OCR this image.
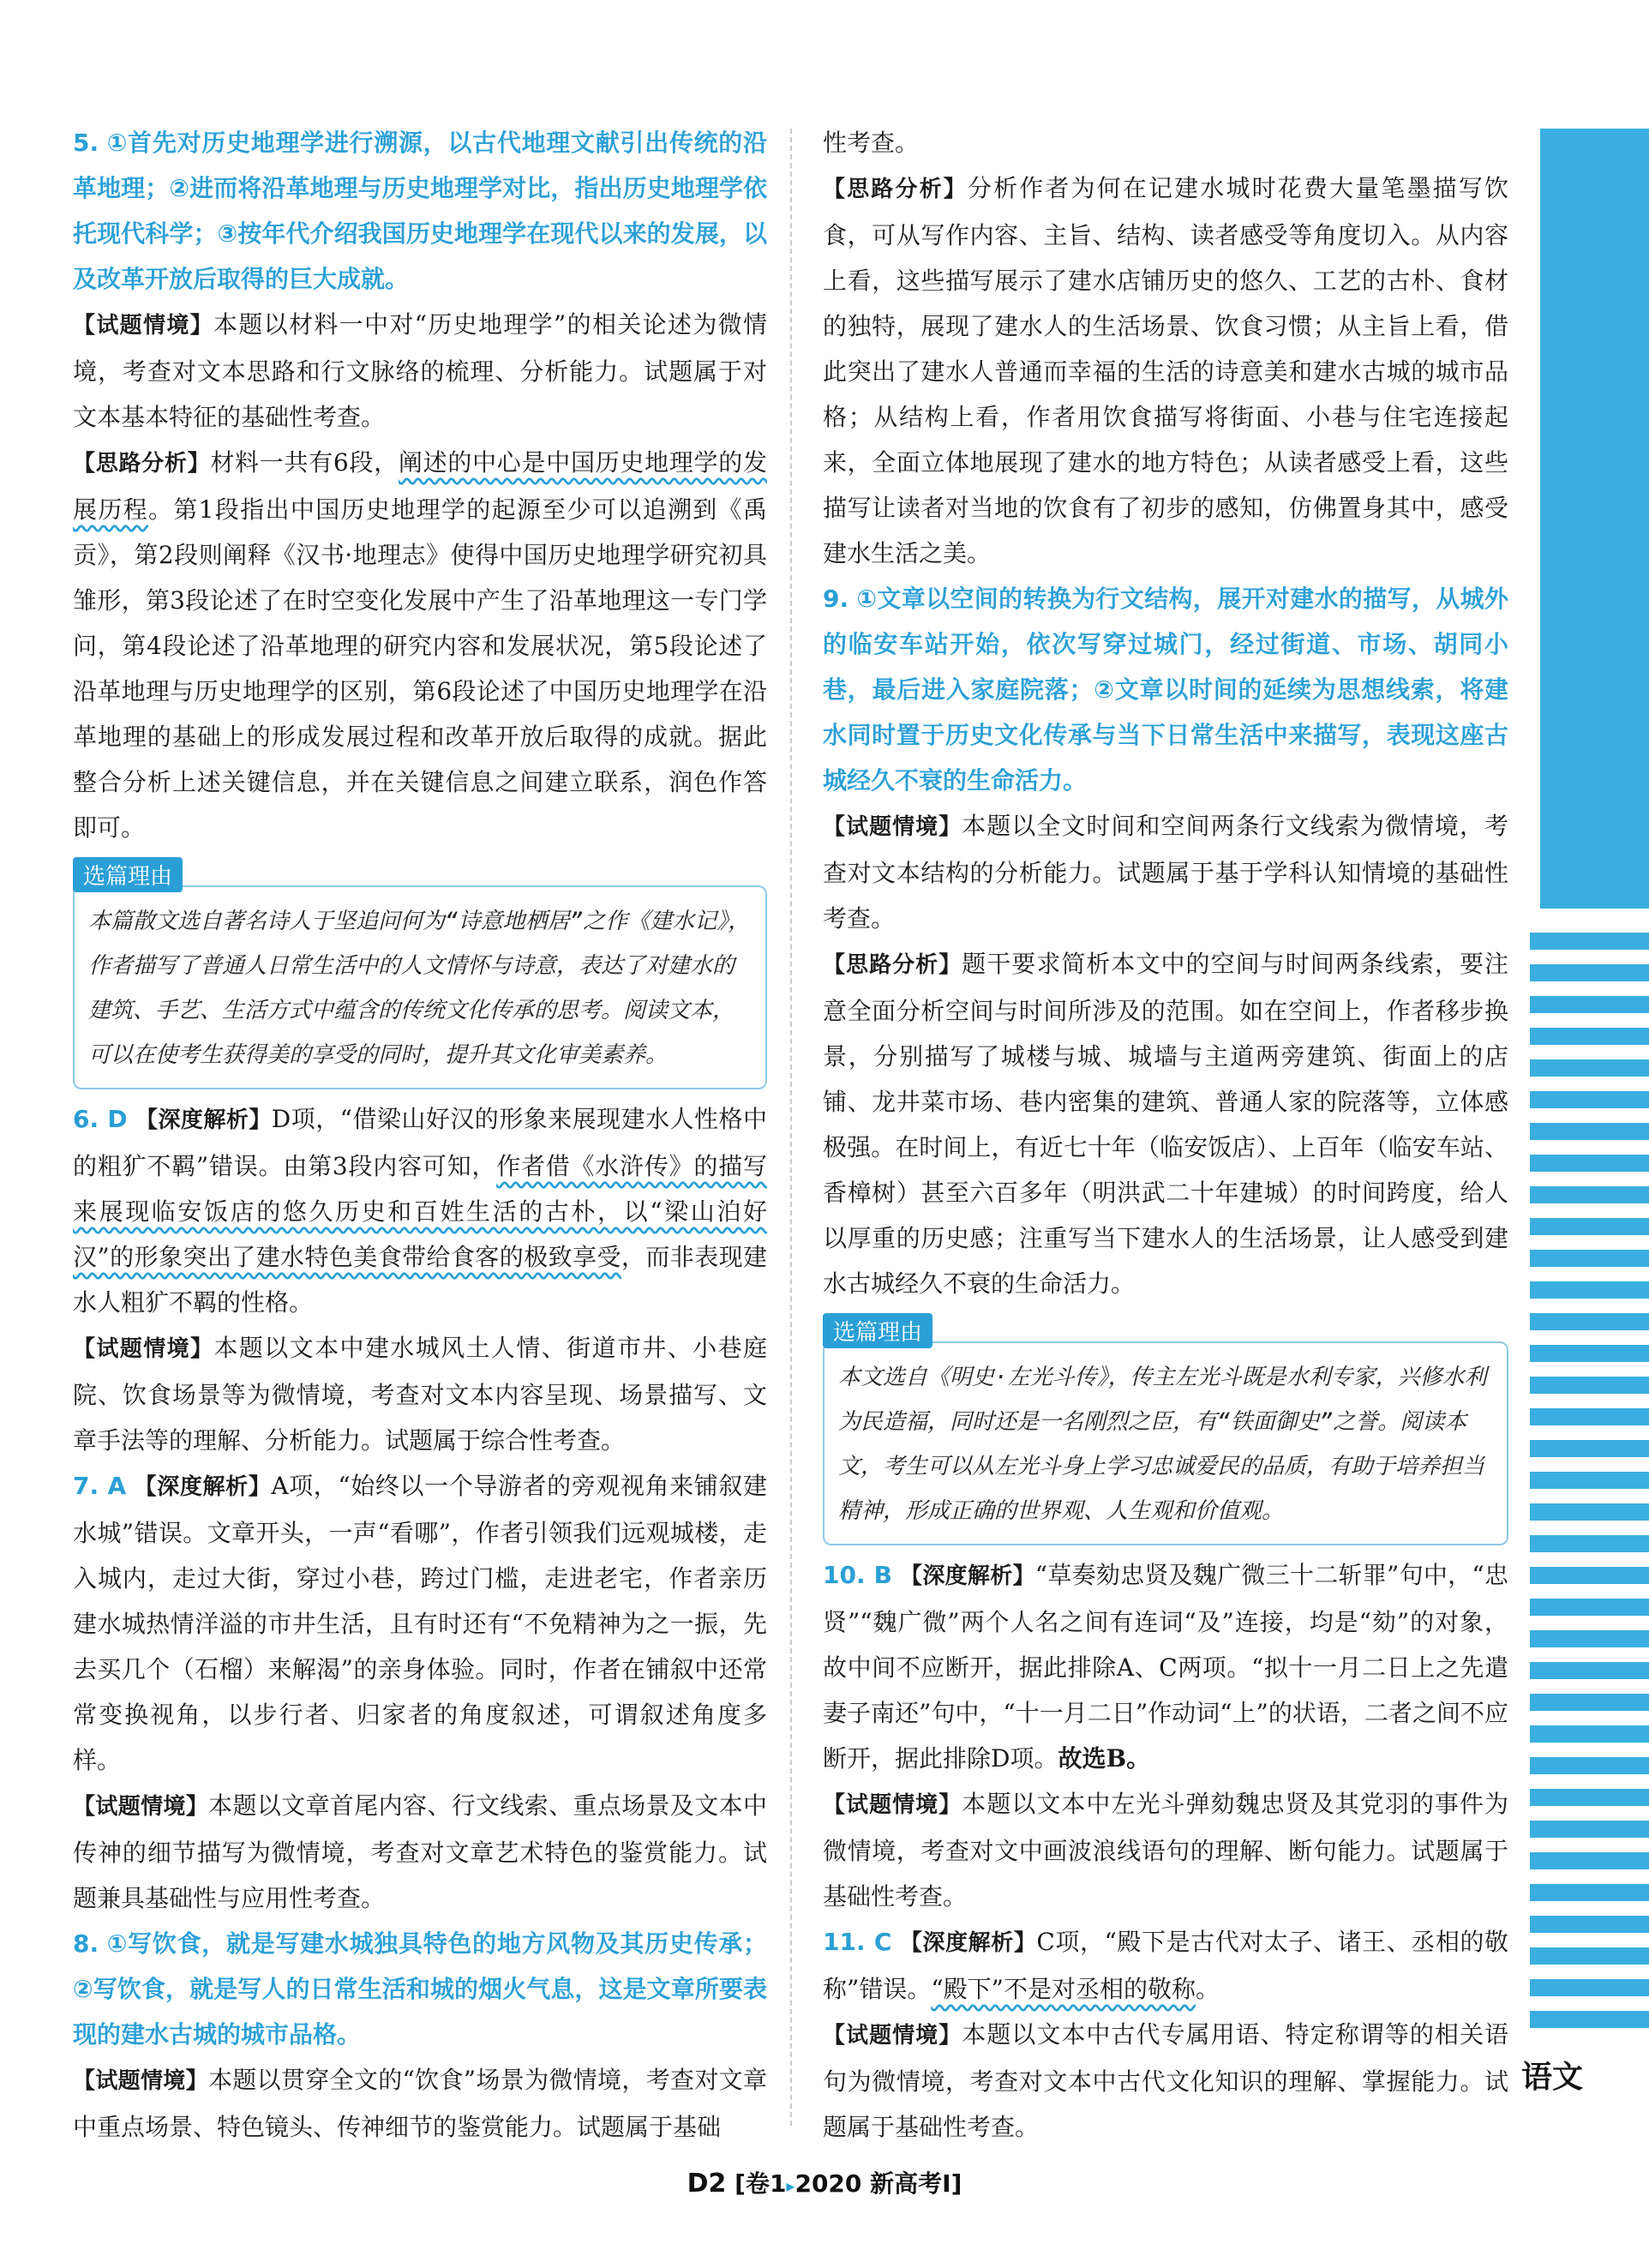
5. ①首先对历史地理学进行溯源，以古代地理文献引出传统的沿革地理；②进而将沿革地理与历史地理学对比，指出历史地理学依托现代科学；③按年代介绍我国历史地理学在现代以来的发展，以及改革开放后取得的巨大成就。

【试题情境】本题以材料一中对“历史地理学”的相关论述为微情境，考查对文本思路和行文脉络的梳理、分析能力。试题属于对文本基本特征的基础性考查。

【思路分析】材料一共有6段，阐述的中心是中国历史地理学的发展历程。第1段指出中国历史地理学的起源至少可以追溯到《禹贡》，第2段则阐释《汉书·地理志》使得中国历史地理学研究初具雏形，第3段论述了在时空变化发展中产生了沿革地理这一专门学问，第4段论述了沿革地理的研究内容和发展状况，第5段论述了沿革地理与历史地理学的区别，第6段论述了中国历史地理学在沿革地理的基础上的形成发展过程和改革开放后取得的成就。据此整合分析上述关键信息，并在关键信息之间建立联系，润色作答即可。

选篇理由
本篇散文选自著名诗人于坚追问何为“诗意地栖居”之作《建水记》，作者描写了普通人日常生活中的人文情怀与诗意，表达了对建水的建筑、手艺、生活方式中蕴含的传统文化传承的思考。阅读文本，可以在使考生获得美的享受的同时，提升其文化审美素养。

6. D 【深度解析】D项，“借梁山好汉的形象来展现建水人性格中的粗犷不羁”错误。由第3段内容可知，作者借《水浒传》的描写来展现临安饭店的悠久历史和百姓生活的古朴，以“梁山泊好汉”的形象突出了建水特色美食带给食客的极致享受，而非表现建水人粗犷不羁的性格。

【试题情境】本题以文本中建水城风土人情、街道市井、小巷庭院、饮食场景等为微情境，考查对文本内容呈现、场景描写、文章手法等的理解、分析能力。试题属于综合性考查。

7. A 【深度解析】A项，“始终以一个导游者的旁观视角来铺叙建水城”错误。文章开头，一声“看哪”，作者引领我们远观城楼，走入城内，走过大街，穿过小巷，跨过门槛，走进老宅，作者亲历建水城热情洋溢的市井生活，且有时还有“不免精神为之一振，先去买几个（石榴）来解渴”的亲身体验。同时，作者在铺叙中还常常变换视角，以步行者、归家者的角度叙述，可谓叙述角度多样。

【试题情境】本题以文章首尾内容、行文线索、重点场景及文本中传神的细节描写为微情境，考查对文章艺术特色的鉴赏能力。试题兼具基础性与应用性考查。

8. ①写饮食，就是写建水城独具特色的地方风物及其历史传承；②写饮食，就是写人的日常生活和城的烟火气息，这是文章所要表现的建水古城的城市品格。

【试题情境】本题以贯穿全文的“饮食”场景为微情境，考查对文章中重点场景、特色镜头、传神细节的鉴赏能力。试题属于基础

性考查。

【思路分析】分析作者为何在记建水城时花费大量笔墨描写饮食，可从写作内容、主旨、结构、读者感受等角度切入。从内容上看，这些描写展示了建水店铺历史的悠久、工艺的古朴、食材的独特，展现了建水人的生活场景、饮食习惯；从主旨上看，借此突出了建水人普通而幸福的生活的诗意美和建水古城的城市品格；从结构上看，作者用饮食描写将街面、小巷与住宅连接起来，全面立体地展现了建水的地方特色；从读者感受上看，这些描写让读者对当地的饮食有了初步的感知，仿佛置身其中，感受建水生活之美。

9. ①文章以空间的转换为行文结构，展开对建水的描写，从城外的临安车站开始，依次写穿过城门，经过街道、市场、胡同小巷，最后进入家庭院落；②文章以时间的延续为思想线索，将建水同时置于历史文化传承与当下日常生活中来描写，表现这座古城经久不衰的生命活力。

【试题情境】本题以全文时间和空间两条行文线索为微情境，考查对文本结构的分析能力。试题属于基于学科认知情境的基础性考查。

【思路分析】题干要求简析本文中的空间与时间两条线索，要注意全面分析空间与时间所涉及的范围。如在空间上，作者移步换景，分别描写了城楼与城、城墙与主道两旁建筑、街面上的店铺、龙井菜市场、巷内密集的建筑、普通人家的院落等，立体感极强。在时间上，有近七十年（临安饭店）、上百年（临安车站、香樟树）甚至六百多年（明洪武二十年建城）的时间跨度，给人以厚重的历史感；注重写当下建水人的生活场景，让人感受到建水古城经久不衰的生命活力。

选篇理由
本文选自《明史·左光斗传》，传主左光斗既是水利专家，兴修水利为民造福，同时还是一名刚烈之臣，有“铁面御史”之誉。阅读本文，考生可以从左光斗身上学习忠诚爱民的品质，有助于培养担当精神，形成正确的世界观、人生观和价值观。

10. B 【深度解析】“草奏劾忠贤及魏广微三十二斩罪”句中，“忠贤”“魏广微”两个人名之间有连词“及”连接，均是“劾”的对象，故中间不应断开，据此排除A、C两项。“拟十一月二日上之先遣妻子南还”句中，“十一月二日”作动词“上”的状语，二者之间不应断开，据此排除D项。故选B。

【试题情境】本题以文本中左光斗弹劾魏忠贤及其党羽的事件为微情境，考查对文中画波浪线语句的理解、断句能力。试题属于基础性考查。

11. C 【深度解析】C项，“殿下是古代对太子、诸王、丞相的敬称”错误。“殿下”不是对丞相的敬称。

【试题情境】本题以文本中古代专属用语、特定称谓等的相关语句为微情境，考查对文本中古代文化知识的理解、掌握能力。试题属于基础性考查。

语文
D2 [卷1▸2020 新高考Ⅰ]
